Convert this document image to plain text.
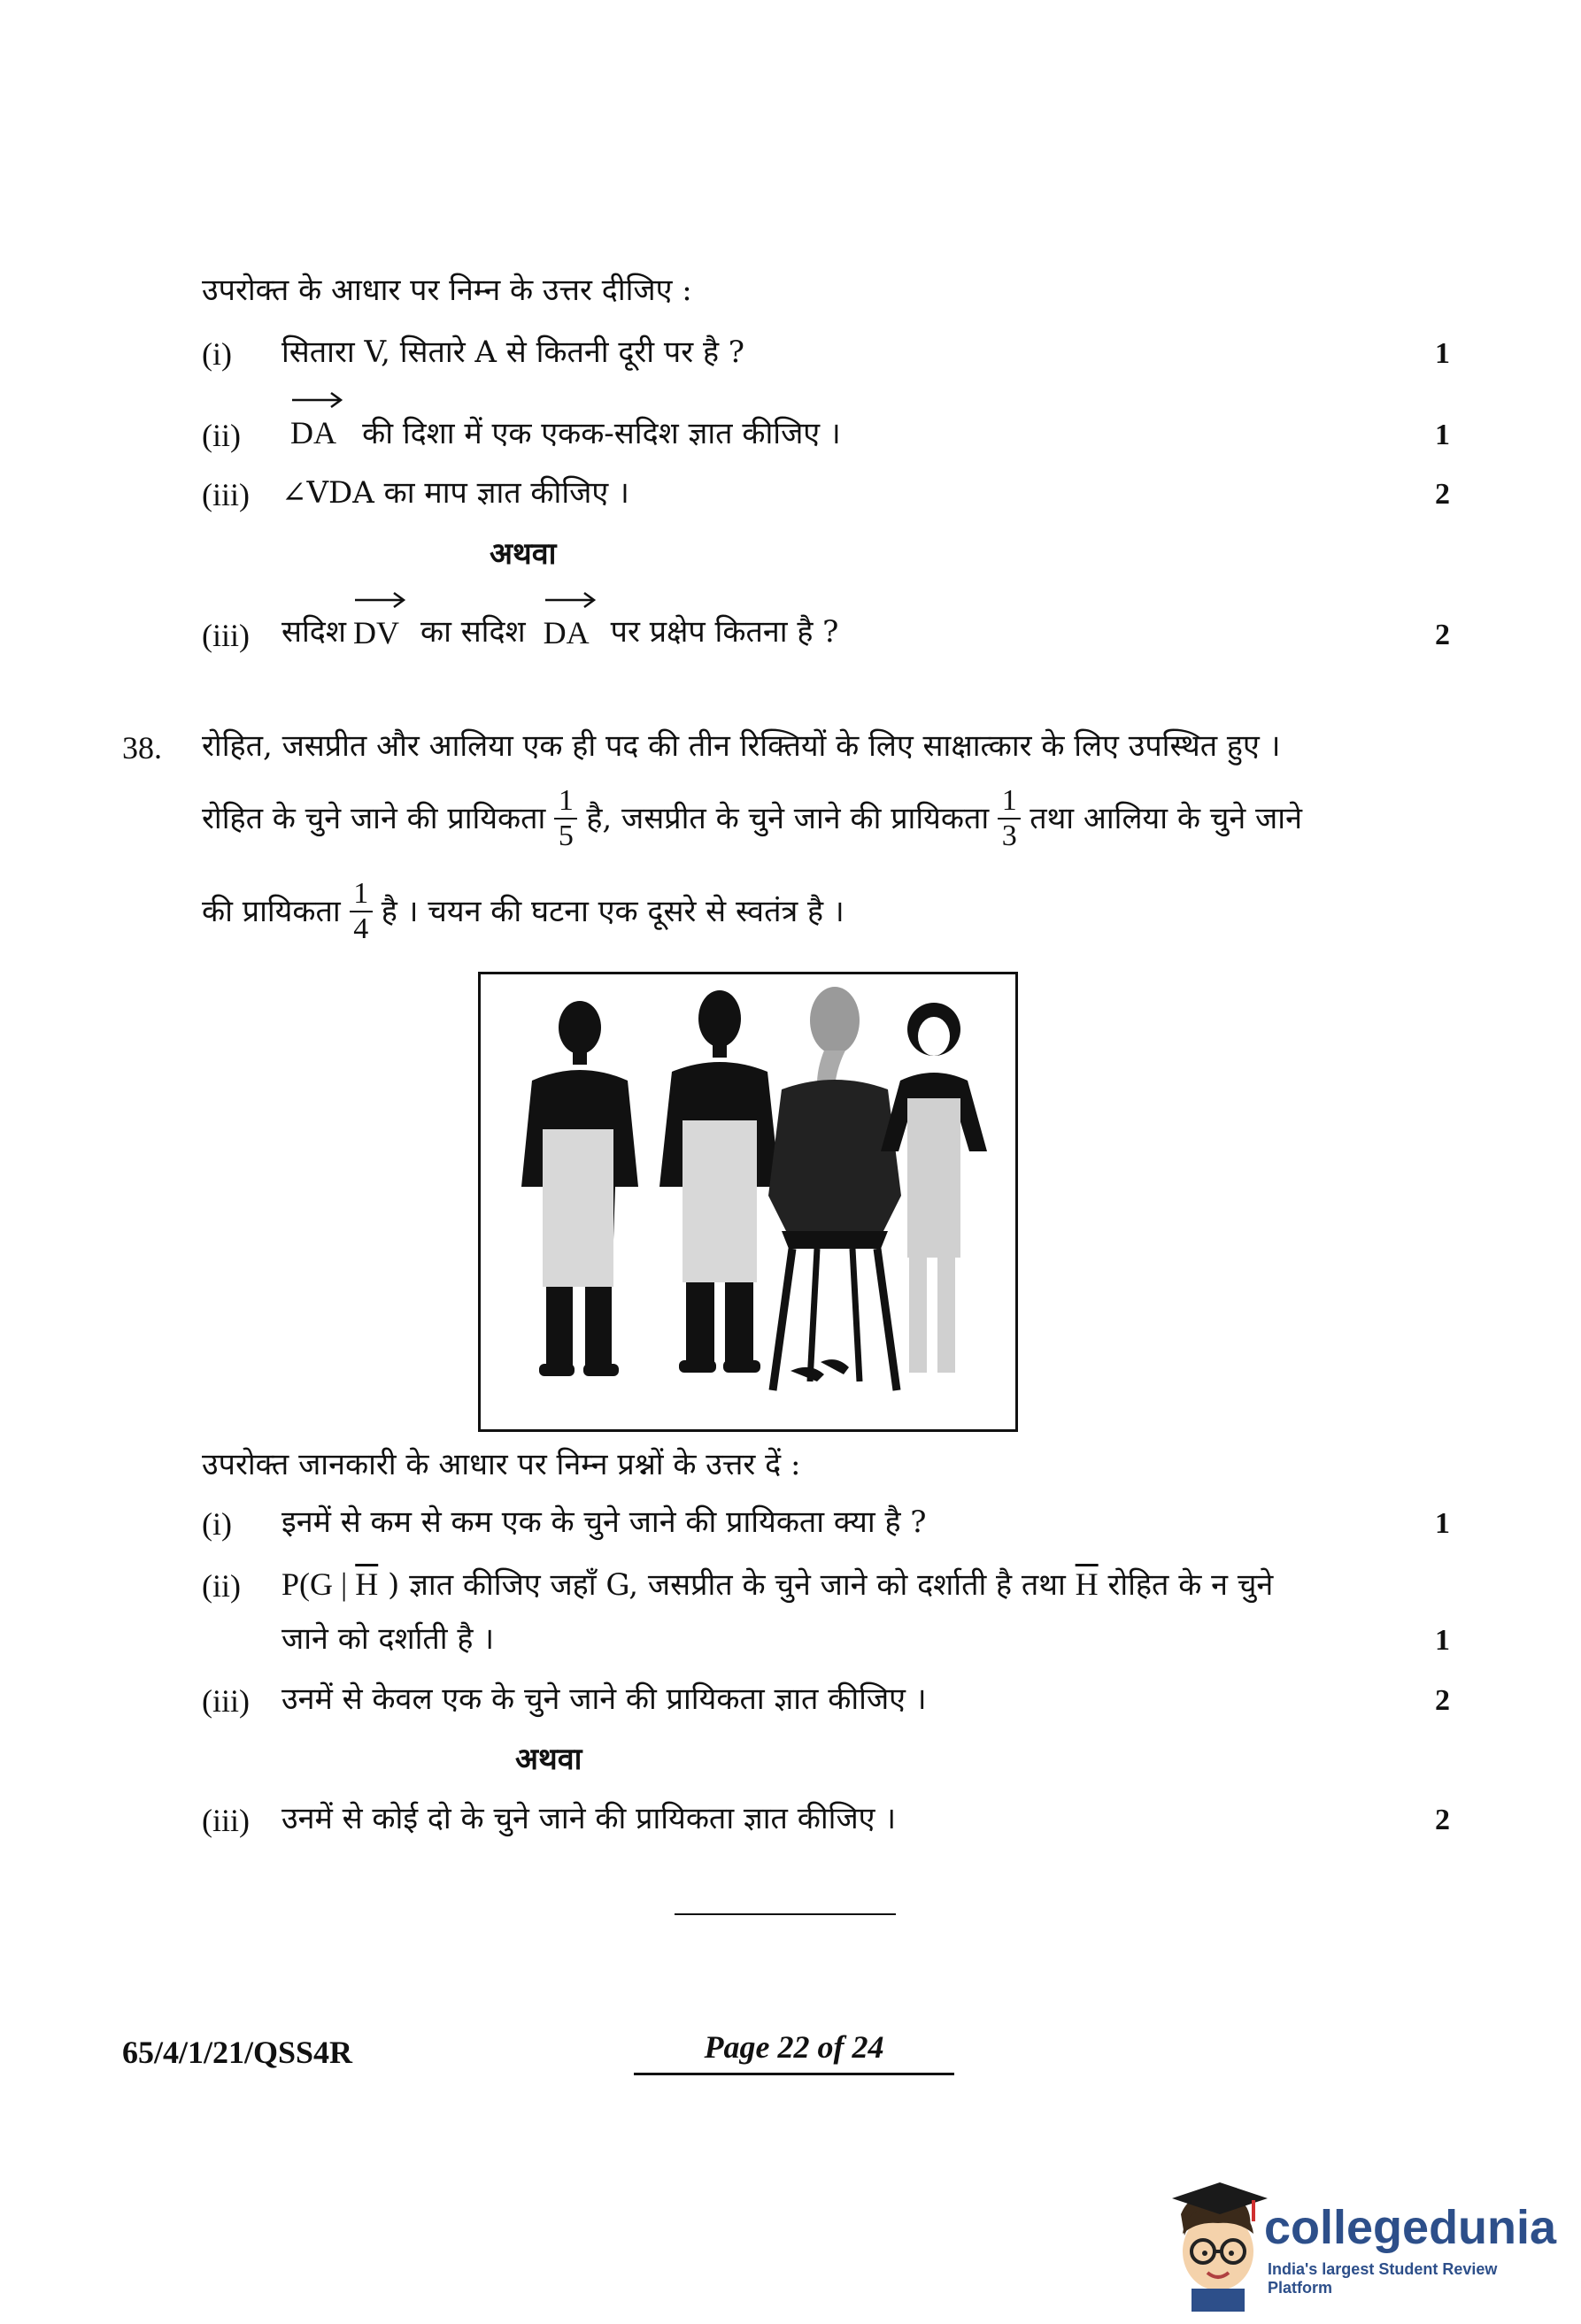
उपरोक्त के आधार पर निम्न के उत्तर दीजिए :
(i) सितारा V, सितारे A से कितनी दूरी पर है ?	1
(ii) DA की दिशा में एक एकक-सदिश ज्ञात कीजिए ।	1
(iii) ∠VDA का माप ज्ञात कीजिए ।	2
अथवा
(iii) सदिश DV का सदिश DA पर प्रक्षेप कितना है ?	2
38. रोहित, जसप्रीत और आलिया एक ही पद की तीन रिक्तियों के लिए साक्षात्कार के लिए उपस्थित हुए ।
रोहित के चुने जाने की प्रायिकता $\frac{1}{5}$ है, जसप्रीत के चुने जाने की प्रायिकता $\frac{1}{3}$ तथा आलिया के चुने जाने
की प्रायिकता $\frac{1}{4}$ है । चयन की घटना एक दूसरे से स्वतंत्र है ।
उपरोक्त जानकारी के आधार पर निम्न प्रश्नों के उत्तर दें :
(i) इनमें से कम से कम एक के चुने जाने की प्रायिकता क्या है ?	1
(ii) P(G | $\overline{H}$ ) ज्ञात कीजिए जहाँ G, जसप्रीत के चुने जाने को दर्शाती है तथा $\overline{H}$ रोहित के न चुने
जाने को दर्शाती है ।	1
(iii) उनमें से केवल एक के चुने जाने की प्रायिकता ज्ञात कीजिए ।	2
अथवा
(iii) उनमें से कोई दो के चुने जाने की प्रायिकता ज्ञात कीजिए ।	2
65/4/1/21/QSS4R	Page 22 of 24
collegedunia
India's largest Student Review Platform
